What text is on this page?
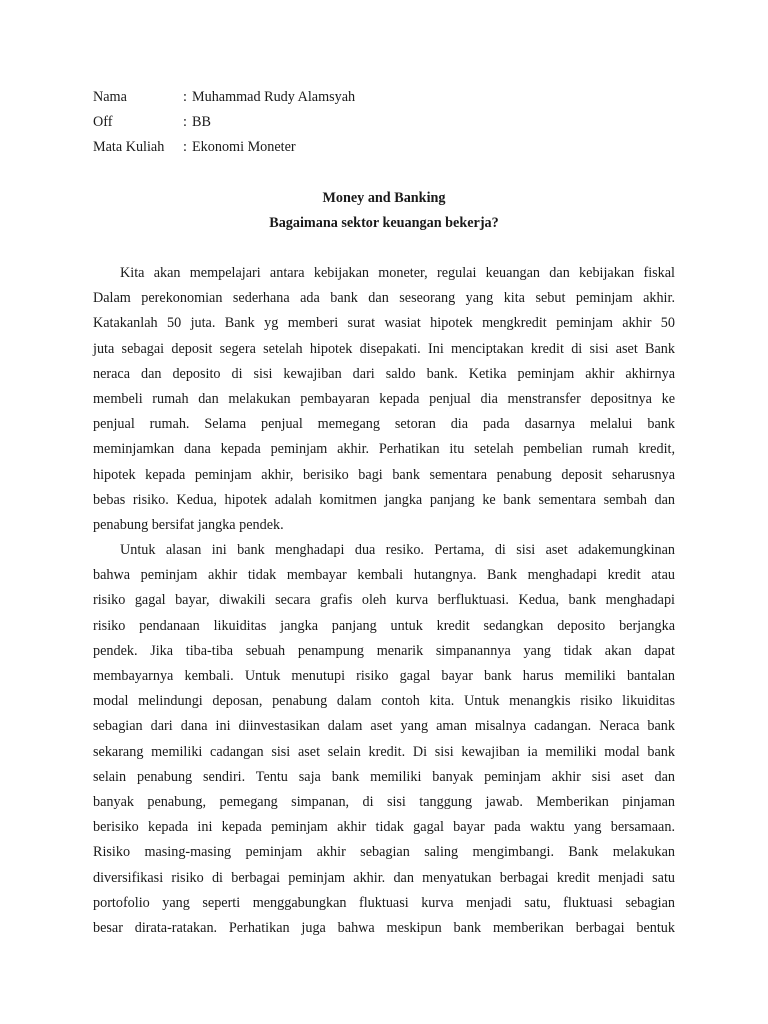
Nama	: Muhammad Rudy Alamsyah
Off	: BB
Mata Kuliah	: Ekonomi Moneter
Money and Banking
Bagaimana sektor keuangan bekerja?
Kita akan mempelajari antara kebijakan moneter, regulai keuangan dan kebijakan fiskal
Dalam perekonomian sederhana ada bank dan seseorang yang kita sebut peminjam akhir.
Katakanlah 50 juta. Bank yg memberi surat wasiat hipotek mengkredit peminjam akhir 50
juta sebagai deposit segera setelah hipotek disepakati. Ini menciptakan kredit di sisi aset Bank
neraca dan deposito di sisi kewajiban dari saldo bank. Ketika peminjam akhir akhirnya
membeli rumah dan melakukan pembayaran kepada penjual dia menstransfer depositnya ke
penjual rumah. Selama penjual memegang setoran dia pada dasarnya melalui bank
meminjamkan dana kepada peminjam akhir. Perhatikan itu setelah pembelian rumah kredit,
hipotek kepada peminjam akhir, berisiko bagi bank sementara penabung deposit seharusnya
bebas risiko. Kedua, hipotek adalah komitmen jangka panjang ke bank sementara sembah dan
penabung bersifat jangka pendek.
Untuk alasan ini bank menghadapi dua resiko. Pertama, di sisi aset adakemungkinan
bahwa peminjam akhir tidak membayar kembali hutangnya. Bank menghadapi kredit atau
risiko gagal bayar, diwakili secara grafis oleh kurva berfluktuasi. Kedua, bank menghadapi
risiko pendanaan likuiditas jangka panjang untuk kredit sedangkan deposito berjangka
pendek. Jika tiba-tiba sebuah penampung menarik simpanannya yang tidak akan dapat
membayarnya kembali. Untuk menutupi risiko gagal bayar bank harus memiliki bantalan
modal melindungi deposan, penabung dalam contoh kita. Untuk menangkis risiko likuiditas
sebagian dari dana ini diinvestasikan dalam aset yang aman misalnya cadangan. Neraca bank
sekarang memiliki cadangan sisi aset selain kredit. Di sisi kewajiban ia memiliki modal bank
selain penabung sendiri. Tentu saja bank memiliki banyak peminjam akhir sisi aset dan
banyak penabung, pemegang simpanan, di sisi tanggung jawab. Memberikan pinjaman
berisiko kepada ini kepada peminjam akhir tidak gagal bayar pada waktu yang bersamaan.
Risiko masing-masing peminjam akhir sebagian saling mengimbangi. Bank melakukan
diversifikasi risiko di berbagai peminjam akhir. dan menyatukan berbagai kredit menjadi satu
portofolio yang seperti menggabungkan fluktuasi kurva menjadi satu, fluktuasi sebagian
besar dirata-ratakan. Perhatikan juga bahwa meskipun bank memberikan berbagai bentuk
